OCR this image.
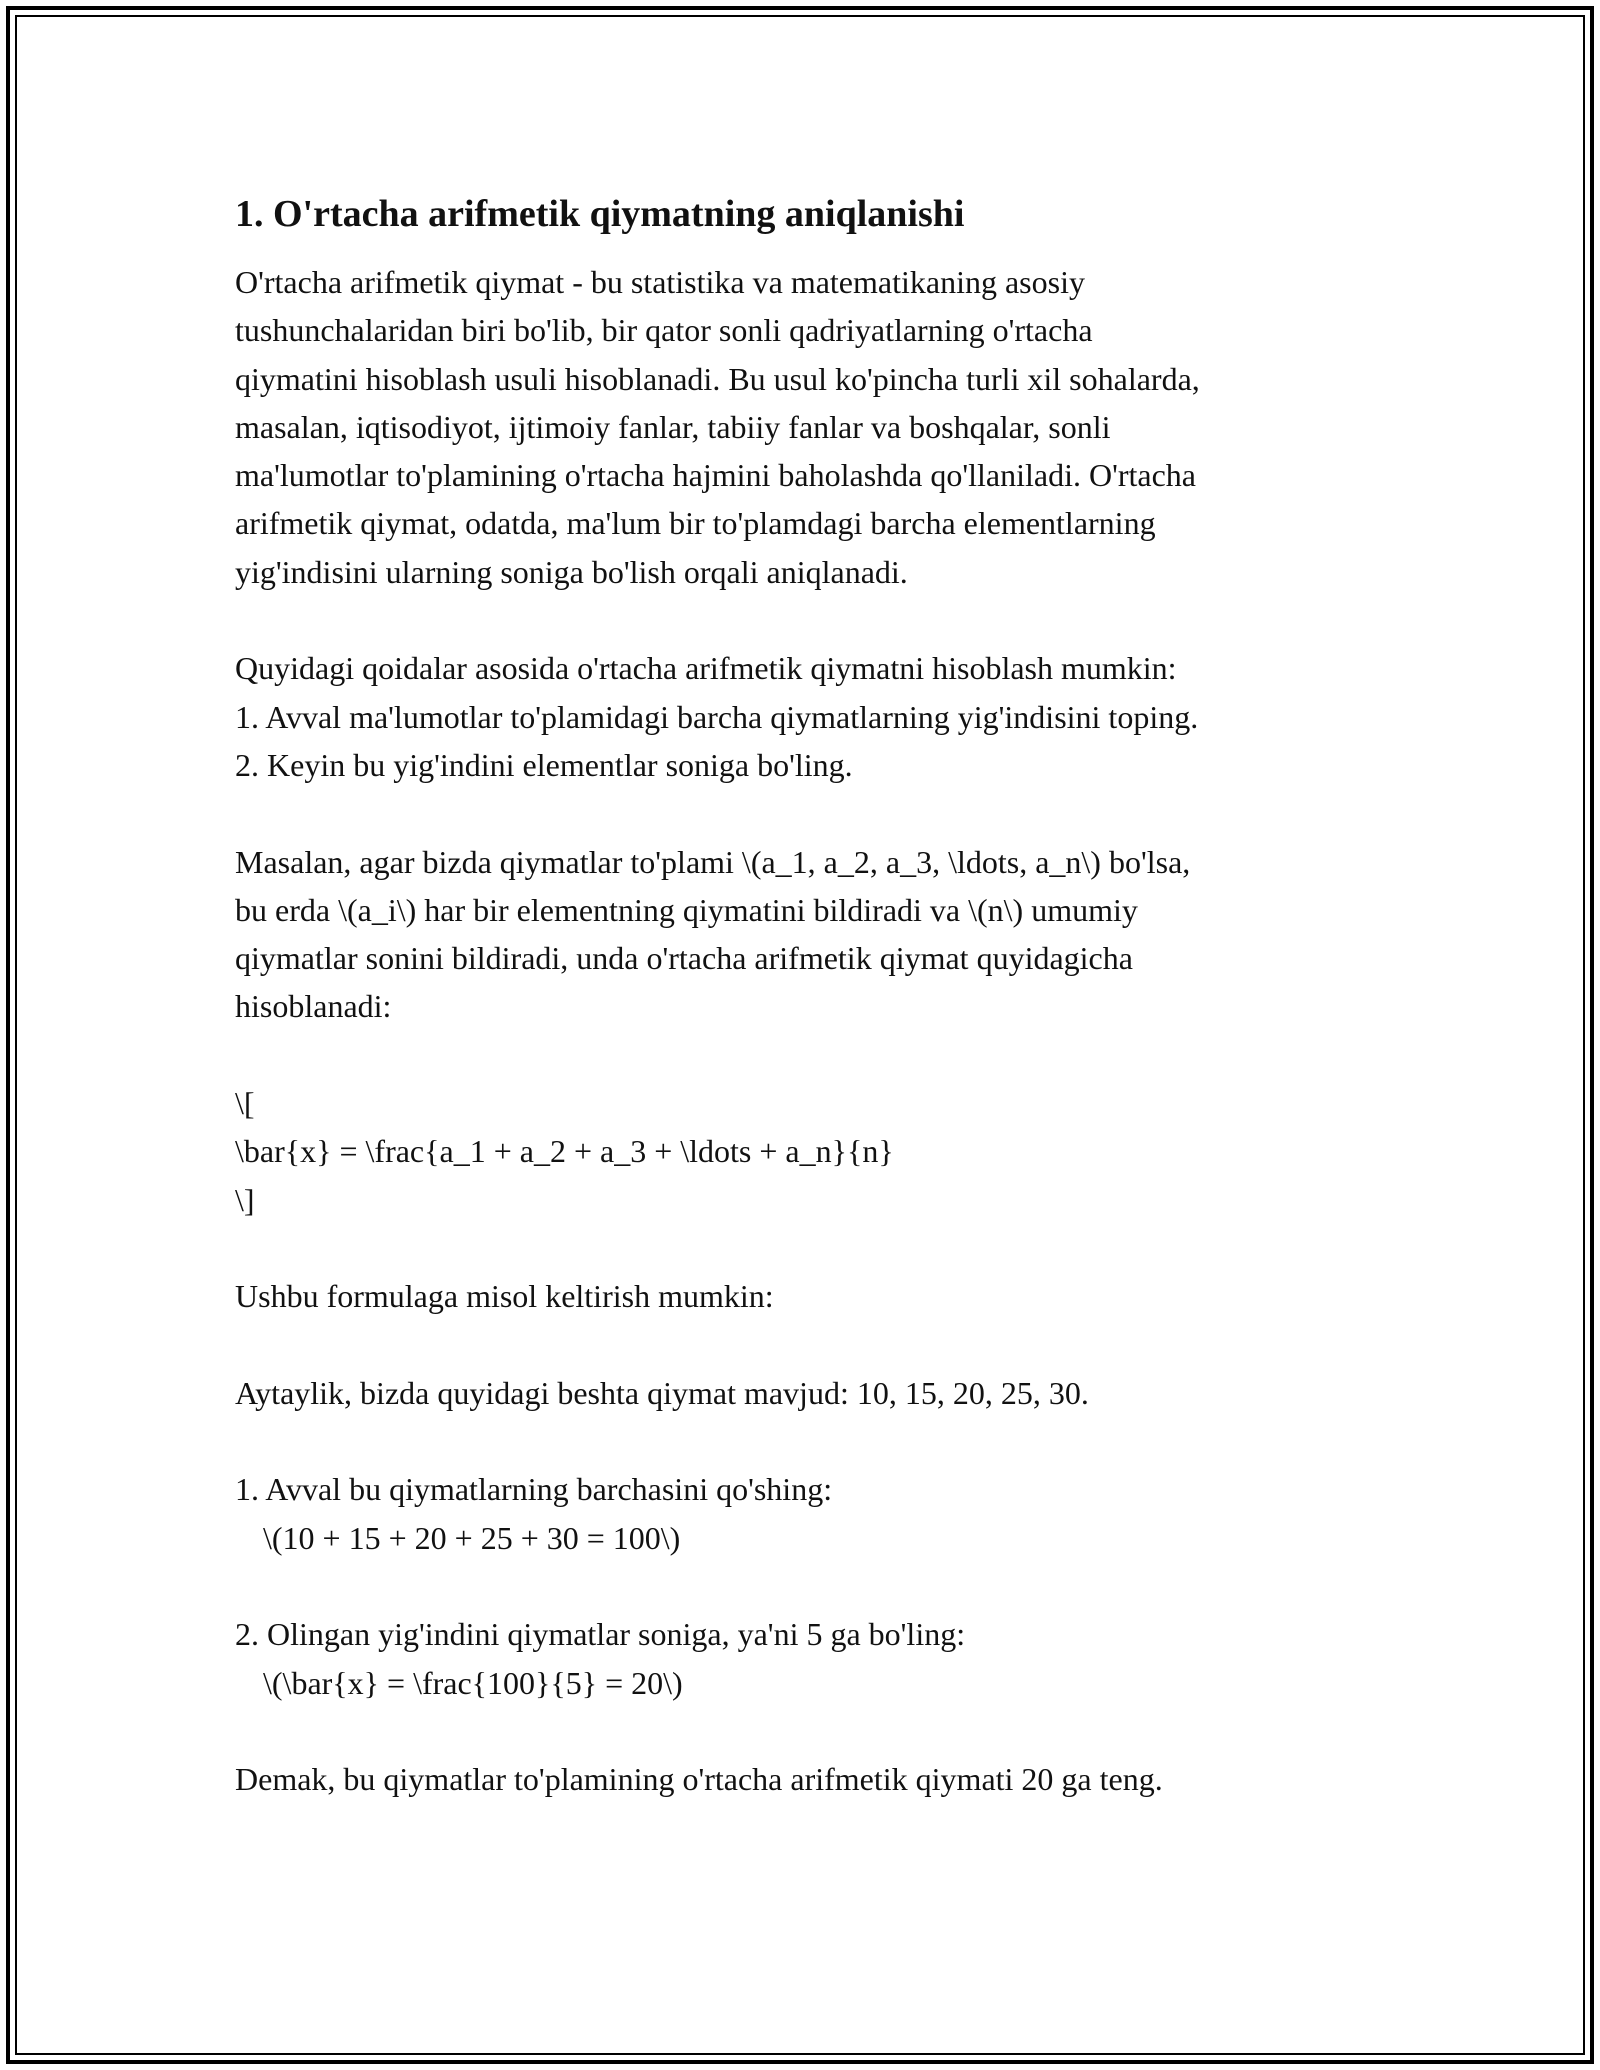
1. O'rtacha arifmetik qiymatning aniqlanishi
O'rtacha arifmetik qiymat - bu statistika va matematikaning asosiy
tushunchalaridan biri bo'lib, bir qator sonli qadriyatlarning o'rtacha
qiymatini hisoblash usuli hisoblanadi. Bu usul ko'pincha turli xil sohalarda,
masalan, iqtisodiyot, ijtimoiy fanlar, tabiiy fanlar va boshqalar, sonli
ma'lumotlar to'plamining o'rtacha hajmini baholashda qo'llaniladi. O'rtacha
arifmetik qiymat, odatda, ma'lum bir to'plamdagi barcha elementlarning
yig'indisini ularning soniga bo'lish orqali aniqlanadi.
Quyidagi qoidalar asosida o'rtacha arifmetik qiymatni hisoblash mumkin:
1. Avval ma'lumotlar to'plamidagi barcha qiymatlarning yig'indisini toping.
2. Keyin bu yig'indini elementlar soniga bo'ling.
Masalan, agar bizda qiymatlar to'plami \(a_1, a_2, a_3, \ldots, a_n\) bo'lsa,
bu erda \(a_i\) har bir elementning qiymatini bildiradi va \(n\) umumiy
qiymatlar sonini bildiradi, unda o'rtacha arifmetik qiymat quyidagicha
hisoblanadi:
\[
\bar{x} = \frac{a_1 + a_2 + a_3 + \ldots + a_n}{n}
\]
Ushbu formulaga misol keltirish mumkin:
Aytaylik, bizda quyidagi beshta qiymat mavjud: 10, 15, 20, 25, 30.
1. Avval bu qiymatlarning barchasini qo'shing:
\(10 + 15 + 20 + 25 + 30 = 100\)
2. Olingan yig'indini qiymatlar soniga, ya'ni 5 ga bo'ling:
\(\bar{x} = \frac{100}{5} = 20\)
Demak, bu qiymatlar to'plamining o'rtacha arifmetik qiymati 20 ga teng.
